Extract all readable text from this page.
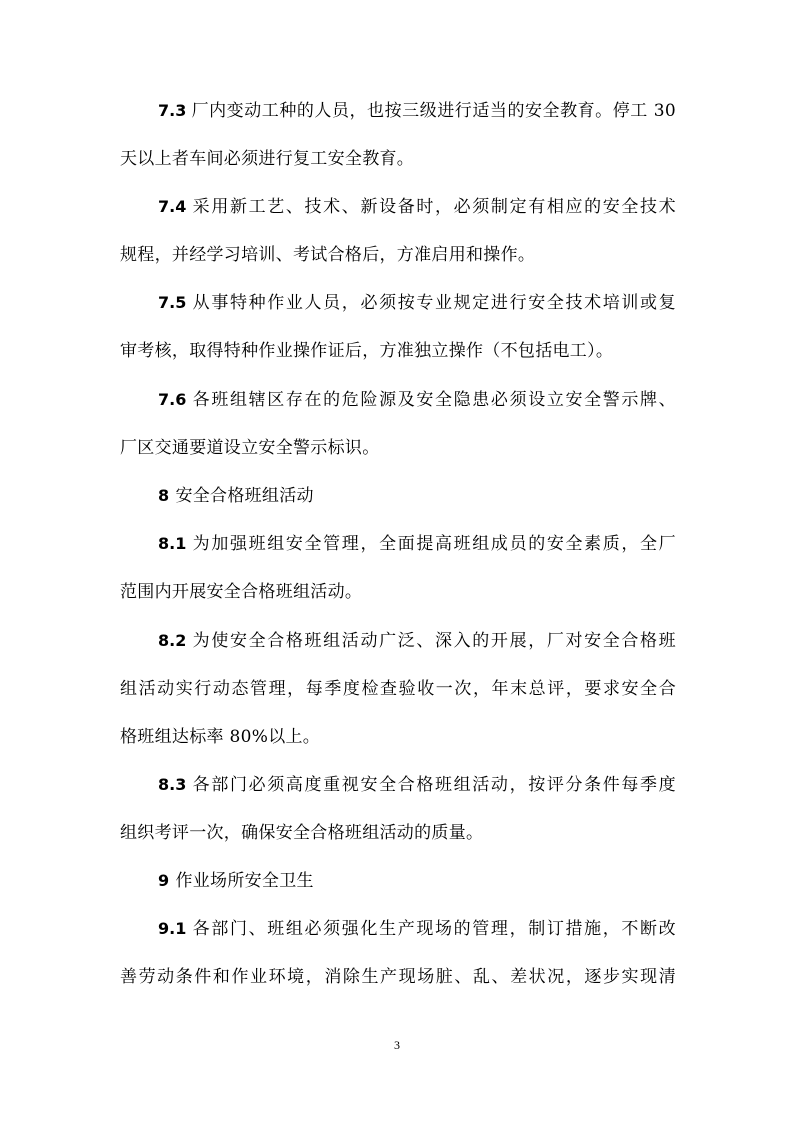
7.3 厂内变动工种的人员，也按三级进行适当的安全教育。停工 30
天以上者车间必须进行复工安全教育。
7.4 采用新工艺、技术、新设备时，必须制定有相应的安全技术
规程，并经学习培训、考试合格后，方准启用和操作。
7.5 从事特种作业人员，必须按专业规定进行安全技术培训或复
审考核，取得特种作业操作证后，方准独立操作（不包括电工）。
7.6 各班组辖区存在的危险源及安全隐患必须设立安全警示牌、
厂区交通要道设立安全警示标识。
8 安全合格班组活动
8.1 为加强班组安全管理，全面提高班组成员的安全素质，全厂
范围内开展安全合格班组活动。
8.2 为使安全合格班组活动广泛、深入的开展，厂对安全合格班
组活动实行动态管理，每季度检查验收一次，年末总评，要求安全合
格班组达标率 80%以上。
8.3 各部门必须高度重视安全合格班组活动，按评分条件每季度
组织考评一次，确保安全合格班组活动的质量。
9 作业场所安全卫生
9.1 各部门、班组必须强化生产现场的管理，制订措施，不断改
善劳动条件和作业环境，消除生产现场脏、乱、差状况，逐步实现清
3
